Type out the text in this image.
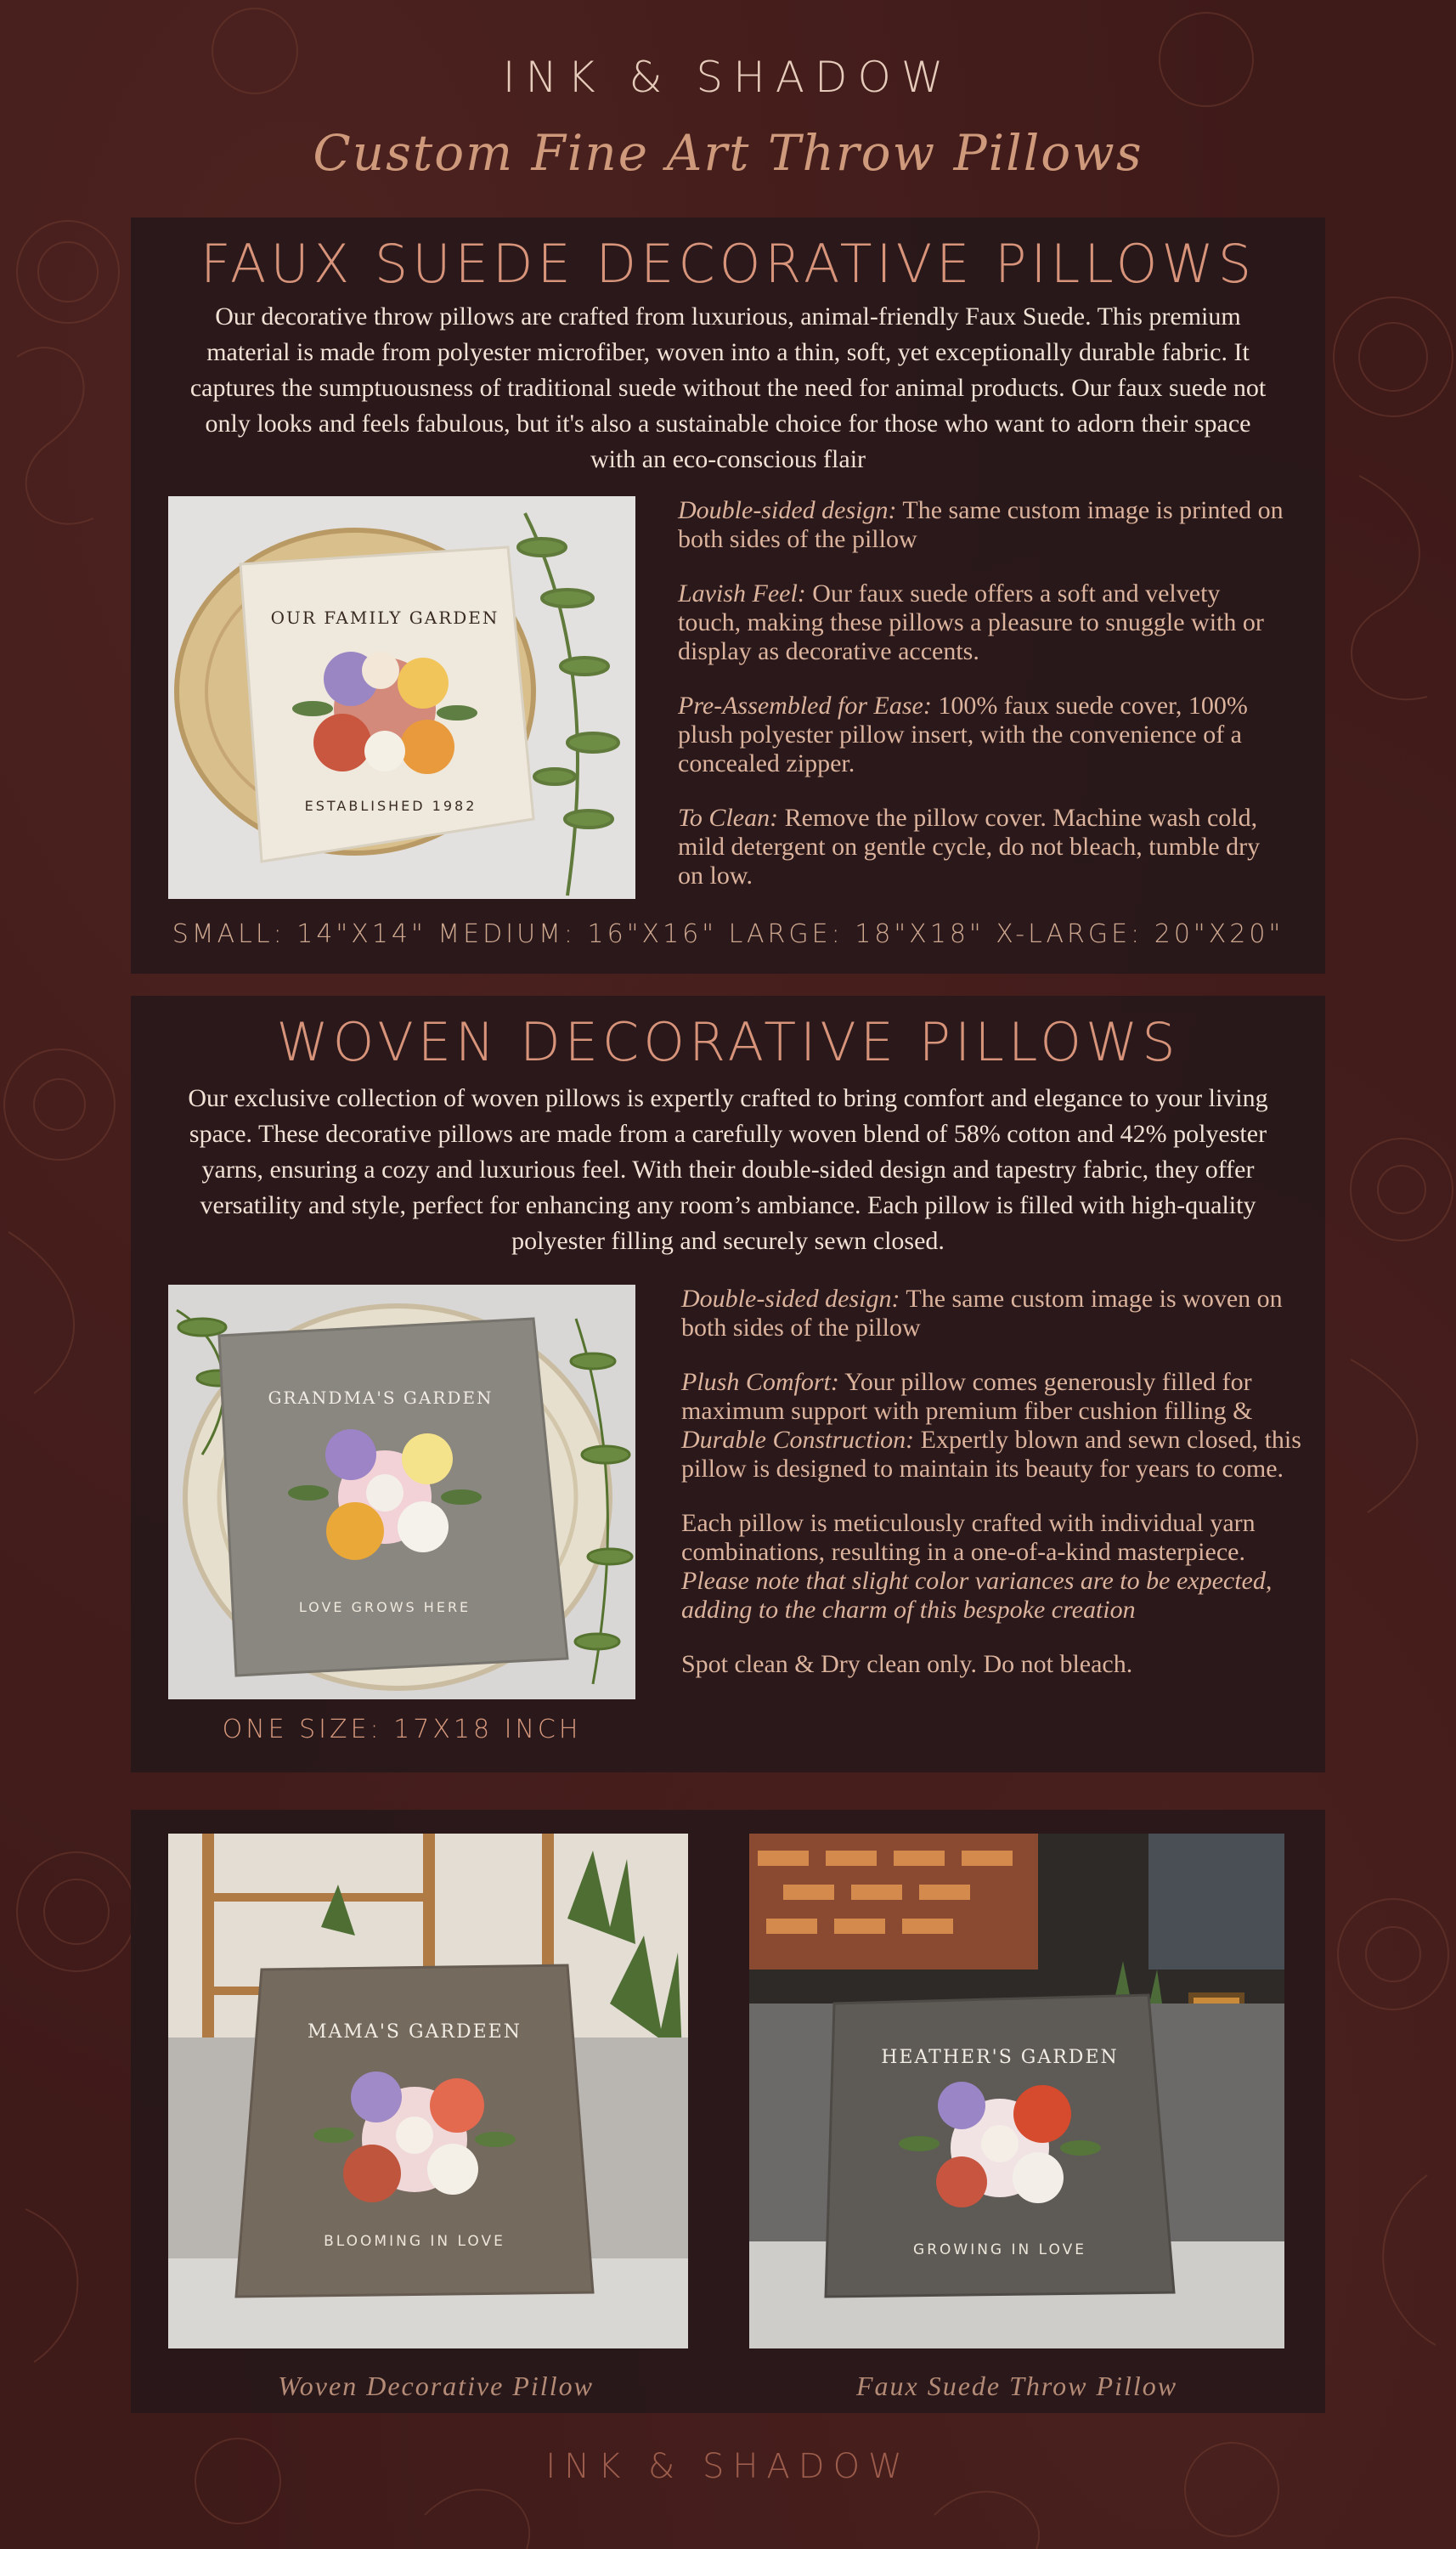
INK & SHADOW
Custom Fine Art Throw Pillows
FAUX SUEDE DECORATIVE PILLOWS
Our decorative throw pillows are crafted from luxurious, animal-friendly Faux Suede. This premium material is made from polyester microfiber, woven into a thin, soft, yet exceptionally durable fabric. It captures the sumptuousness of traditional suede without the need for animal products. Our faux suede not only looks and feels fabulous, but it's also a sustainable choice for those who want to adorn their space with an eco-conscious flair
OUR FAMILY GARDEN
ESTABLISHED 1982

Double-sided design: The same custom image is printed on both sides of the pillow

Lavish Feel: Our faux suede offers a soft and velvety touch, making these pillows a pleasure to snuggle with or display as decorative accents.

Pre-Assembled for Ease: 100% faux suede cover, 100% plush polyester pillow insert, with the convenience of a concealed zipper.

To Clean: Remove the pillow cover. Machine wash cold, mild detergent on gentle cycle, do not bleach, tumble dry on low.

SMALL: 14"X14" MEDIUM: 16"X16" LARGE: 18"X18" X-LARGE: 20"X20"
WOVEN DECORATIVE PILLOWS
Our exclusive collection of woven pillows is expertly crafted to bring comfort and elegance to your living space. These decorative pillows are made from a carefully woven blend of 58% cotton and 42% polyester yarns, ensuring a cozy and luxurious feel. With their double-sided design and tapestry fabric, they offer versatility and style, perfect for enhancing any room’s ambiance. Each pillow is filled with high-quality polyester filling and securely sewn closed.
GRANDMA'S GARDEN
LOVE GROWS HERE
ONE SIZE: 17X18 INCH

Double-sided design: The same custom image is woven on both sides of the pillow

Plush Comfort: Your pillow comes generously filled for maximum support with premium fiber cushion filling & Durable Construction: Expertly blown and sewn closed, this pillow is designed to maintain its beauty for years to come.

Each pillow is meticulously crafted with individual yarn combinations, resulting in a one-of-a-kind masterpiece. Please note that slight color variances are to be expected, adding to the charm of this bespoke creation

Spot clean & Dry clean only. Do not bleach.

MAMA'S GARDEEN
BLOOMING IN LOVE
Woven Decorative Pillow
HEATHER'S GARDEN
GROWING IN LOVE
Faux Suede Throw Pillow
INK & SHADOW
